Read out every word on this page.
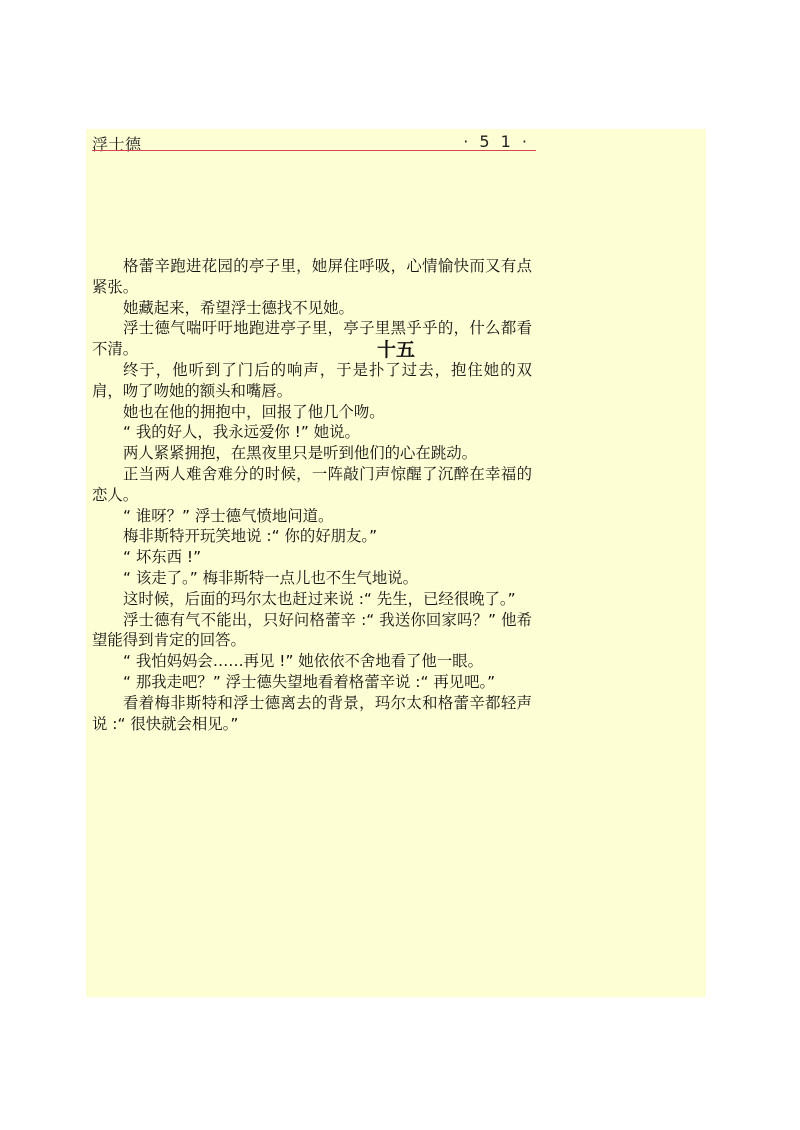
十五
浮士德	· 5 1 ·

格蕾辛跑进花园的亭子里，她屏住呼吸，心情愉快而又有点紧张。

她藏起来，希望浮士德找不见她。

浮士德气喘吁吁地跑进亭子里，亭子里黑乎乎的，什么都看不清。

终于，他听到了门后的响声，于是扑了过去，抱住她的双肩，吻了吻她的额头和嘴唇。

她也在他的拥抱中，回报了他几个吻。

“ 我的好人，我永远爱你 !” 她说。

两人紧紧拥抱，在黑夜里只是听到他们的心在跳动。

正当两人难舍难分的时候，一阵敲门声惊醒了沉醉在幸福的恋人。

“ 谁呀？” 浮士德气愤地问道。

梅非斯特开玩笑地说 :“ 你的好朋友。”

“ 坏东西 !”

“ 该走了。” 梅非斯特一点儿也不生气地说。

这时候，后面的玛尔太也赶过来说 :“ 先生，已经很晚了。”

浮士德有气不能出，只好问格蕾辛 :“ 我送你回家吗？” 他希望能得到肯定的回答。

“ 我怕妈妈会……再见 !” 她依依不舍地看了他一眼。

“ 那我走吧？” 浮士德失望地看着格蕾辛说 :“ 再见吧。”

看着梅非斯特和浮士德离去的背景，玛尔太和格蕾辛都轻声说 :“ 很快就会相见。”
